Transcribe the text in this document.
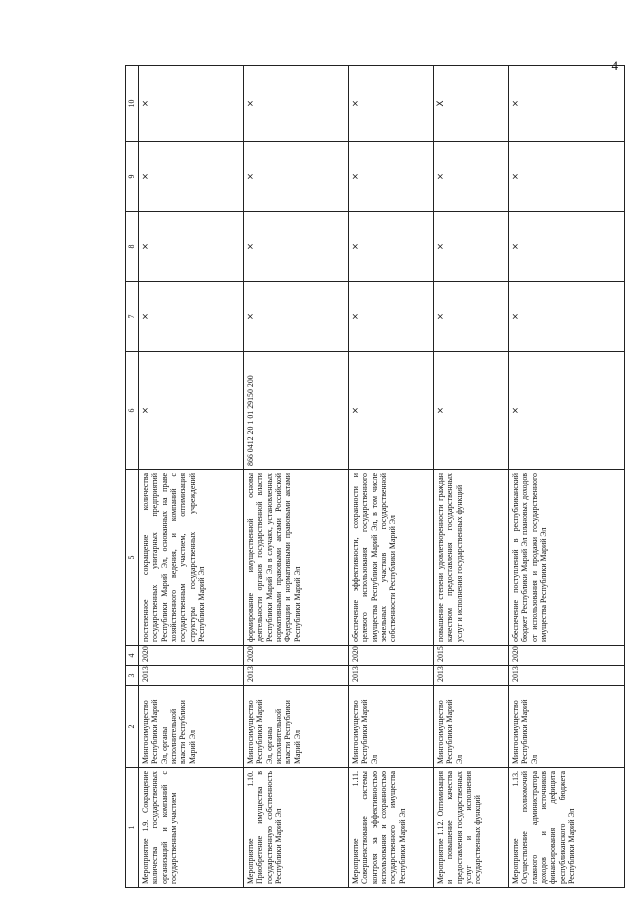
4
1	2	3	4	5	6	7	8	9	10
Мероприятие 1.9. Сокращение количества государственных организаций и компаний с государственным участием	Мингосимущество Республики Марий Эл, органы исполнительной власти Республики Марий Эл	2013	2020	постепенное сокращение количества государственных унитарных предприятий Республики Марий Эл, основанных на праве хозяйственного ведения, и компаний с государственным участием, оптимизация структуры государственных учреждений Республики Марий Эл	×	×	×	×	×
Мероприятие 1.10. Приобретение имущества в государственную собственность Республики Марий Эл	Мингосимущество Республики Марий Эл, органы исполнительной власти Республики Марий Эл	2013	2020	формирование имущественной основы деятельности органов государственной власти Республики Марий Эл в случаях, установленных нормативными правовыми актами Российской Федерации и нормативными правовыми актами Республики Марий Эл	866 0412 20 1 01 29150 200	×	×	×	×
Мероприятие 1.11. Совершенствование системы контроля за эффективностью использования и сохранностью государственного имущества Республики Марий Эл	Мингосимущество Республики Марий Эл	2013	2020	обеспечение эффективности, сохранности и целевого использования государственного имущества Республики Марий Эл, в том числе земельных участков государственной собственности Республики Марий Эл	×	×	×	×	×
Мероприятие 1.12. Оптимизация и повышение качества предоставления государственных услуг и исполнения государственных функций	Мингосимущество Республики Марий Эл	2013	2015	повышение степени удовлетворенности граждан качеством предоставления государственных услуг и исполнения государственных функций	×	×	×	×	X
Мероприятие 1.13. Осуществление полномочий главного администратора доходов и источников финансирования дефицита республиканского бюджета Республики Марий Эл	Мингосимущество Республики Марий Эл	2013	2020	обеспечение поступлений в республиканский бюджет Республики Марий Эл плановых доходов от использования и продажи государственного имущества Республики Марий Эл	×	×	×	×	×
